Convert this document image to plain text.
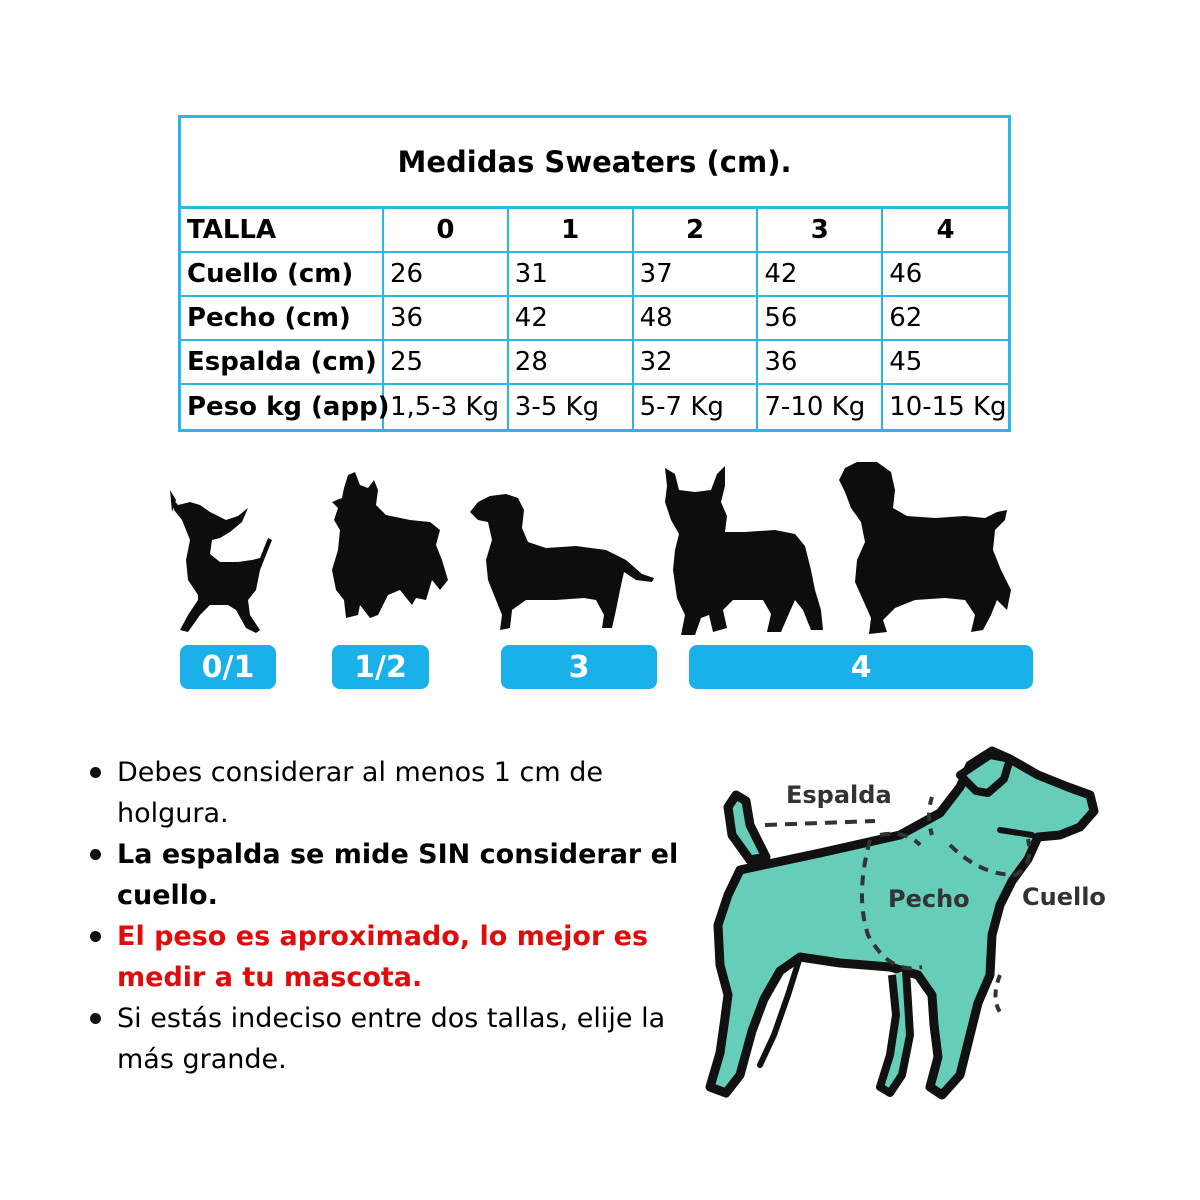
Medidas Sweaters (cm).
TALLA	0	1	2	3	4
Cuello (cm)	26	31	37	42	46
Pecho (cm)	36	42	48	56	62
Espalda (cm) 25	28	32	36	45
Peso kg (app) 1,5-3 Kg 3-5 Kg	5-7 Kg	7-10 Kg 10-15 Kg
0/1	1/2	3	4
Debes considerar al menos 1 cm de holgura.
La espalda se mide SIN considerar el cuello.
El peso es aproximado, lo mejor es medir a tu mascota.
Si estás indeciso entre dos tallas, elije la más grande.
Espalda
Pecho Cuello
